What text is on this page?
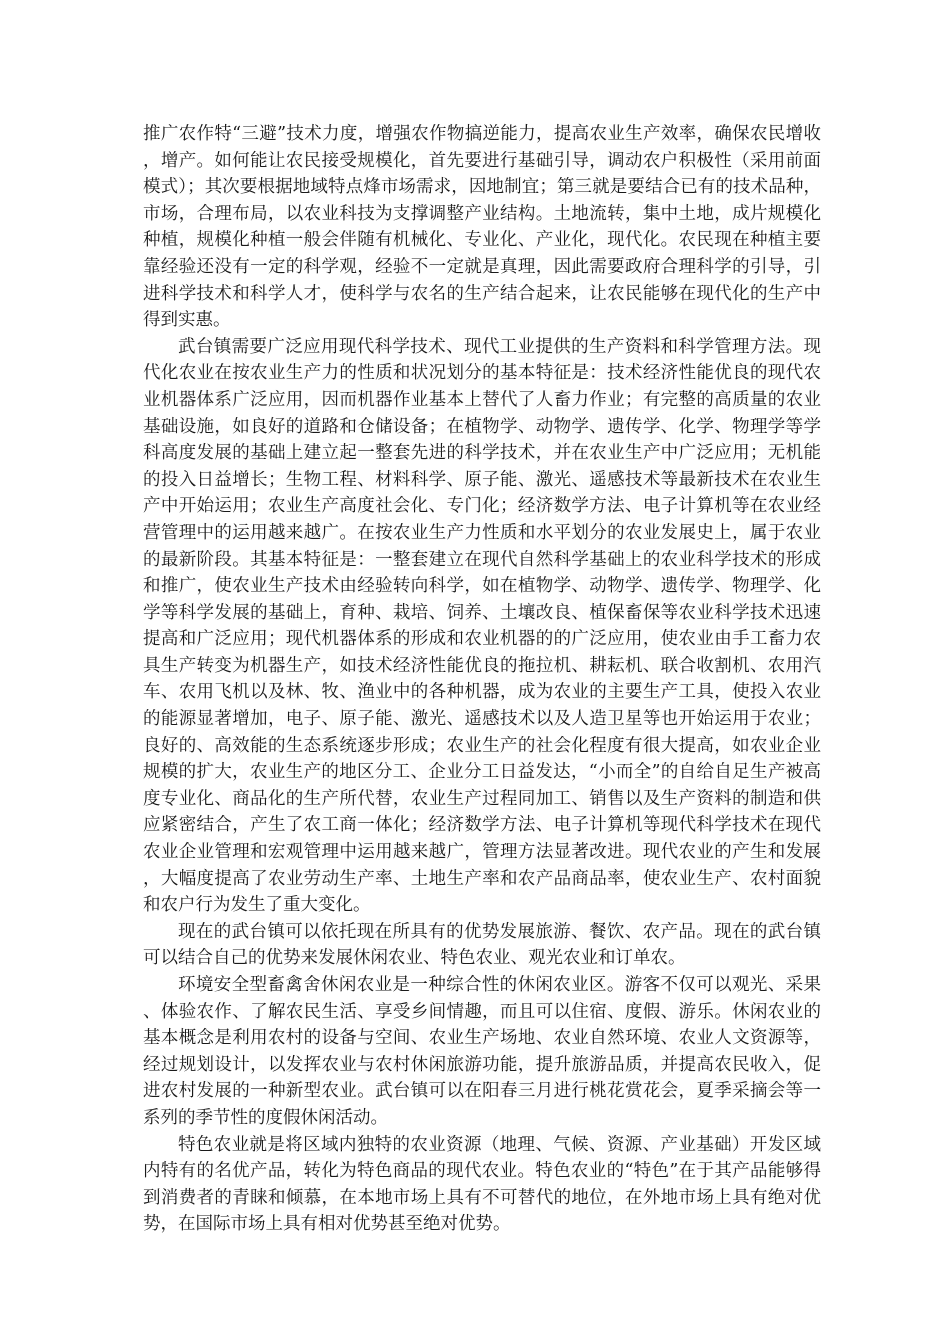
推广农作特“三避”技术力度，增强农作物搞逆能力，提高农业生产效率，确保农民增收，增产。如何能让农民接受规模化，首先要进行基础引导，调动农户积极性（采用前面模式）；其次要根据地域特点烽市场需求，因地制宜；第三就是要结合已有的技术品种，市场，合理布局，以农业科技为支撑调整产业结构。土地流转，集中土地，成片规模化种植，规模化种植一般会伴随有机械化、专业化、产业化，现代化。农民现在种植主要靠经验还没有一定的科学观，经验不一定就是真理，因此需要政府合理科学的引导，引进科学技术和科学人才，使科学与农名的生产结合起来，让农民能够在现代化的生产中得到实惠。

武台镇需要广泛应用现代科学技术、现代工业提供的生产资料和科学管理方法。现代化农业在按农业生产力的性质和状况划分的基本特征是：技术经济性能优良的现代农业机器体系广泛应用，因而机器作业基本上替代了人畜力作业；有完整的高质量的农业基础设施，如良好的道路和仓储设备；在植物学、动物学、遗传学、化学、物理学等学科高度发展的基础上建立起一整套先进的科学技术，并在农业生产中广泛应用；无机能的投入日益增长；生物工程、材料科学、原子能、激光、遥感技术等最新技术在农业生产中开始运用；农业生产高度社会化、专门化；经济数学方法、电子计算机等在农业经营管理中的运用越来越广。在按农业生产力性质和水平划分的农业发展史上，属于农业的最新阶段。其基本特征是：一整套建立在现代自然科学基础上的农业科学技术的形成和推广，使农业生产技术由经验转向科学，如在植物学、动物学、遗传学、物理学、化学等科学发展的基础上，育种、栽培、饲养、土壤改良、植保畜保等农业科学技术迅速提高和广泛应用；现代机器体系的形成和农业机器的的广泛应用，使农业由手工畜力农具生产转变为机器生产，如技术经济性能优良的拖拉机、耕耘机、联合收割机、农用汽车、农用飞机以及林、牧、渔业中的各种机器，成为农业的主要生产工具，使投入农业的能源显著增加，电子、原子能、激光、遥感技术以及人造卫星等也开始运用于农业；良好的、高效能的生态系统逐步形成；农业生产的社会化程度有很大提高，如农业企业规模的扩大，农业生产的地区分工、企业分工日益发达，“小而全”的自给自足生产被高度专业化、商品化的生产所代替，农业生产过程同加工、销售以及生产资料的制造和供应紧密结合，产生了农工商一体化；经济数学方法、电子计算机等现代科学技术在现代农业企业管理和宏观管理中运用越来越广，管理方法显著改进。现代农业的产生和发展，大幅度提高了农业劳动生产率、土地生产率和农产品商品率，使农业生产、农村面貌和农户行为发生了重大变化。

现在的武台镇可以依托现在所具有的优势发展旅游、餐饮、农产品。现在的武台镇可以结合自己的优势来发展休闲农业、特色农业、观光农业和订单农。

环境安全型畜禽舍休闲农业是一种综合性的休闲农业区。游客不仅可以观光、采果、体验农作、了解农民生活、享受乡间情趣，而且可以住宿、度假、游乐。休闲农业的基本概念是利用农村的设备与空间、农业生产场地、农业自然环境、农业人文资源等，经过规划设计，以发挥农业与农村休闲旅游功能，提升旅游品质，并提高农民收入，促进农村发展的一种新型农业。武台镇可以在阳春三月进行桃花赏花会，夏季采摘会等一系列的季节性的度假休闲活动。

特色农业就是将区域内独特的农业资源（地理、气候、资源、产业基础）开发区域内特有的名优产品，转化为特色商品的现代农业。特色农业的“特色”在于其产品能够得到消费者的青睐和倾慕，在本地市场上具有不可替代的地位，在外地市场上具有绝对优势，在国际市场上具有相对优势甚至绝对优势。
